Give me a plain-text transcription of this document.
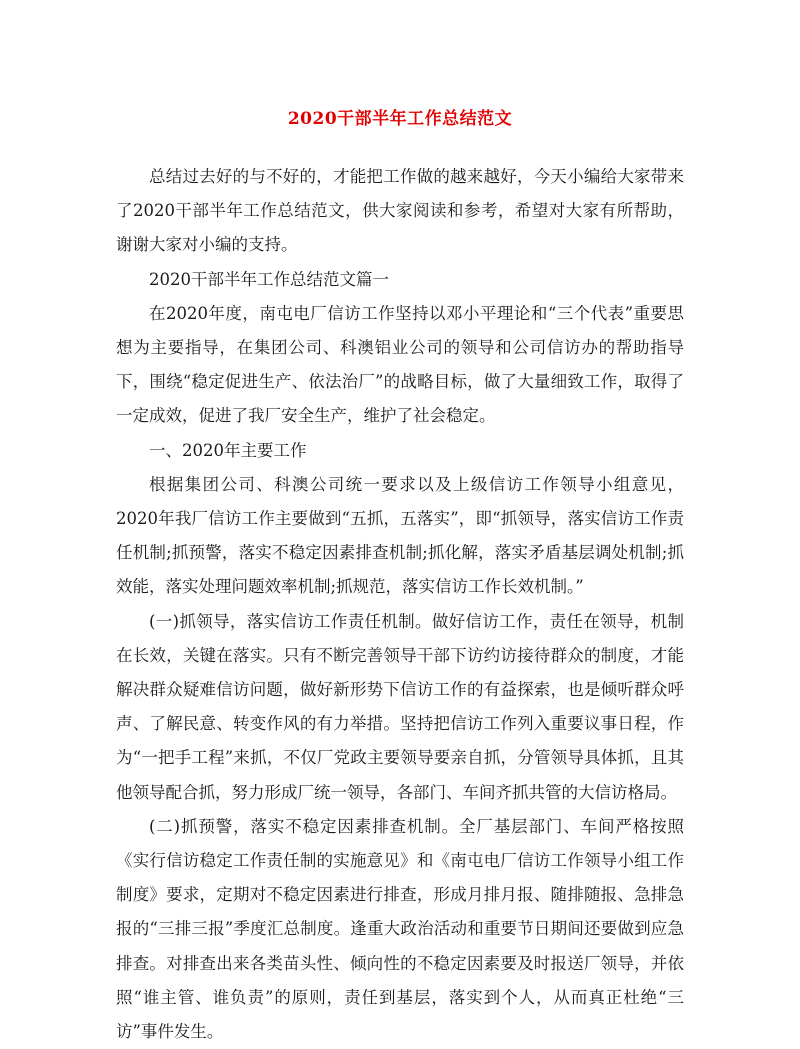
2020干部半年工作总结范文

总结过去好的与不好的，才能把工作做的越来越好，今天小编给大家带来了2020干部半年工作总结范文，供大家阅读和参考，希望对大家有所帮助，谢谢大家对小编的支持。

2020干部半年工作总结范文篇一

在2020年度，南屯电厂信访工作坚持以邓小平理论和“三个代表”重要思想为主要指导，在集团公司、科澳铝业公司的领导和公司信访办的帮助指导下，围绕“稳定促进生产、依法治厂”的战略目标，做了大量细致工作，取得了一定成效，促进了我厂安全生产，维护了社会稳定。

一、2020年主要工作

根据集团公司、科澳公司统一要求以及上级信访工作领导小组意见，2020年我厂信访工作主要做到“五抓，五落实”，即“抓领导，落实信访工作责任机制;抓预警，落实不稳定因素排查机制;抓化解，落实矛盾基层调处机制;抓效能，落实处理问题效率机制;抓规范，落实信访工作长效机制。”

(一)抓领导，落实信访工作责任机制。做好信访工作，责任在领导，机制在长效，关键在落实。只有不断完善领导干部下访约访接待群众的制度，才能解决群众疑难信访问题，做好新形势下信访工作的有益探索，也是倾听群众呼声、了解民意、转变作风的有力举措。坚持把信访工作列入重要议事日程，作为“一把手工程”来抓，不仅厂党政主要领导要亲自抓，分管领导具体抓，且其他领导配合抓，努力形成厂统一领导，各部门、车间齐抓共管的大信访格局。

(二)抓预警，落实不稳定因素排查机制。全厂基层部门、车间严格按照《实行信访稳定工作责任制的实施意见》和《南屯电厂信访工作领导小组工作制度》要求，定期对不稳定因素进行排查，形成月排月报、随排随报、急排急报的“三排三报”季度汇总制度。逢重大政治活动和重要节日期间还要做到应急排查。对排查出来各类苗头性、倾向性的不稳定因素要及时报送厂领导，并依照“谁主管、谁负责”的原则，责任到基层，落实到个人，从而真正杜绝“三访”事件发生。
